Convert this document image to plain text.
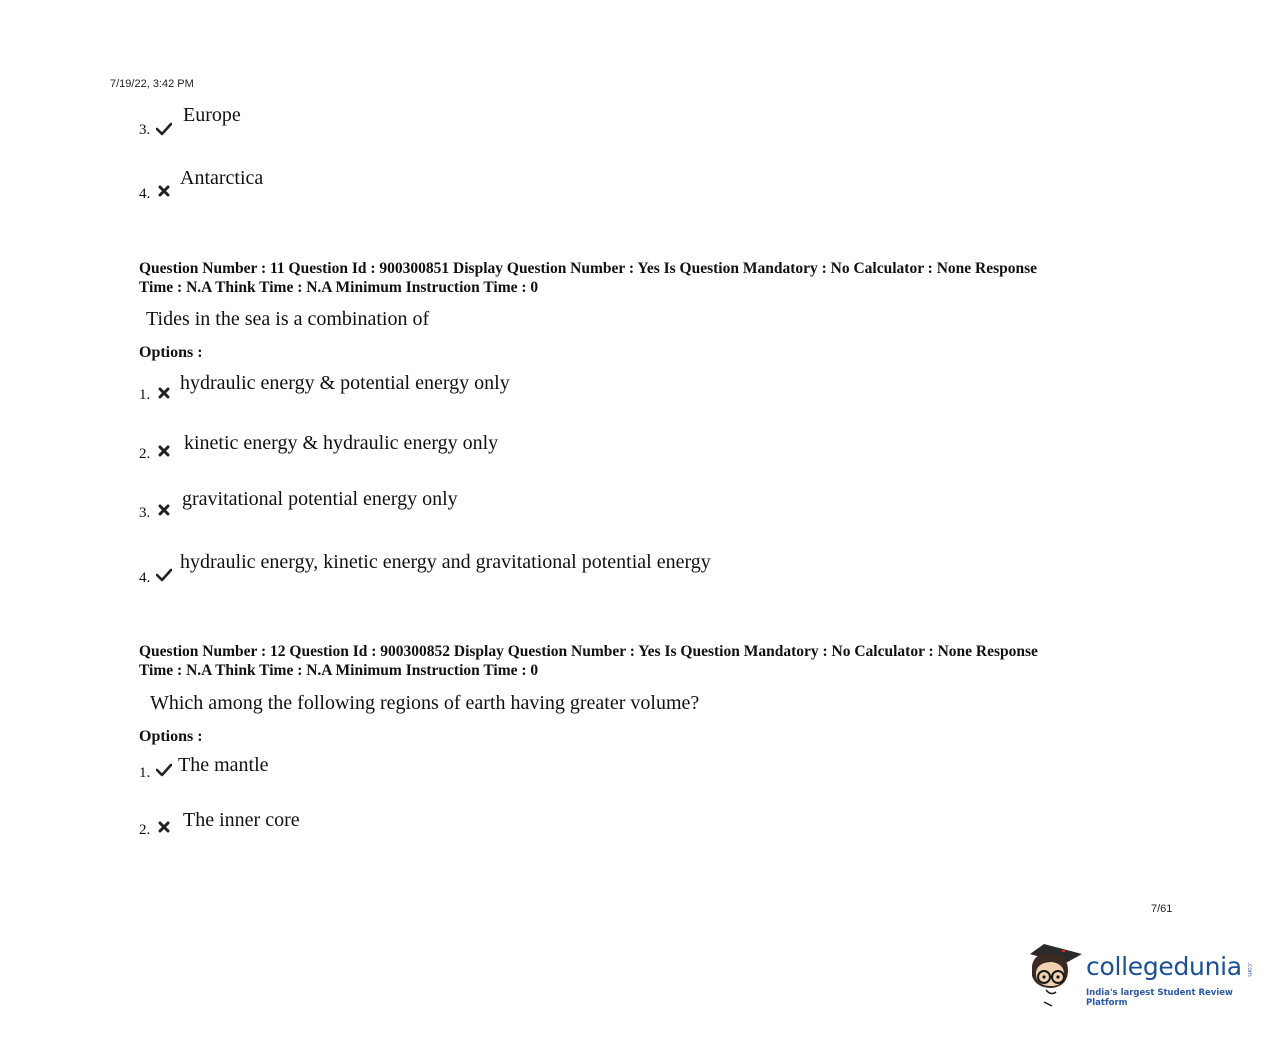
7/19/22, 3:42 PM
3.
Europe
4.
Antarctica
Question Number : 11 Question Id : 900300851 Display Question Number : Yes Is Question Mandatory : No Calculator : None Response
Time : N.A Think Time : N.A Minimum Instruction Time : 0
Tides in the sea is a combination of
Options :
1.
hydraulic energy & potential energy only
2. kinetic energy & hydraulic energy only
3.
gravitational potential energy only
4.
hydraulic energy, kinetic energy and gravitational potential energy
Question Number : 12 Question Id : 900300852 Display Question Number : Yes Is Question Mandatory : No Calculator : None Response
Time : N.A Think Time : N.A Minimum Instruction Time : 0
Which among the following regions of earth having greater volume?
Options :
1. The mantle
2. The inner core
7/61
collegedunia .com
India's largest Student Review Platform
